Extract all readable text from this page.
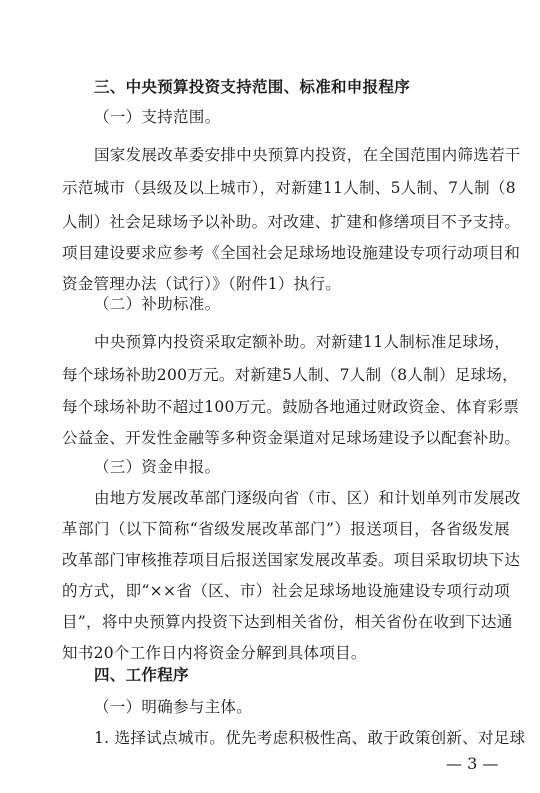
三、中央预算投资支持范围、标准和申报程序
（一）支持范围。
国家发展改革委安排中央预算内投资，在全国范围内筛选若干
示范城市（县级及以上城市），对新建11人制、5人制、7人制（8
人制）社会足球场予以补助。对改建、扩建和修缮项目不予支持。
项目建设要求应参考《全国社会足球场地设施建设专项行动项目和
资金管理办法（试行）》（附件1）执行。
（二）补助标准。
中央预算内投资采取定额补助。对新建11人制标准足球场，
每个球场补助200万元。对新建5人制、7人制（8人制）足球场，
每个球场补助不超过100万元。鼓励各地通过财政资金、体育彩票
公益金、开发性金融等多种资金渠道对足球场建设予以配套补助。
（三）资金申报。
由地方发展改革部门逐级向省（市、区）和计划单列市发展改
革部门（以下简称“省级发展改革部门”）报送项目，各省级发展
改革部门审核推荐项目后报送国家发展改革委。项目采取切块下达
的方式，即“××省（区、市）社会足球场地设施建设专项行动项
目”，将中央预算内投资下达到相关省份，相关省份在收到下达通
知书20个工作日内将资金分解到具体项目。
四、工作程序
（一）明确参与主体。
1. 选择试点城市。优先考虑积极性高、敢于政策创新、对足球
— 3 —
